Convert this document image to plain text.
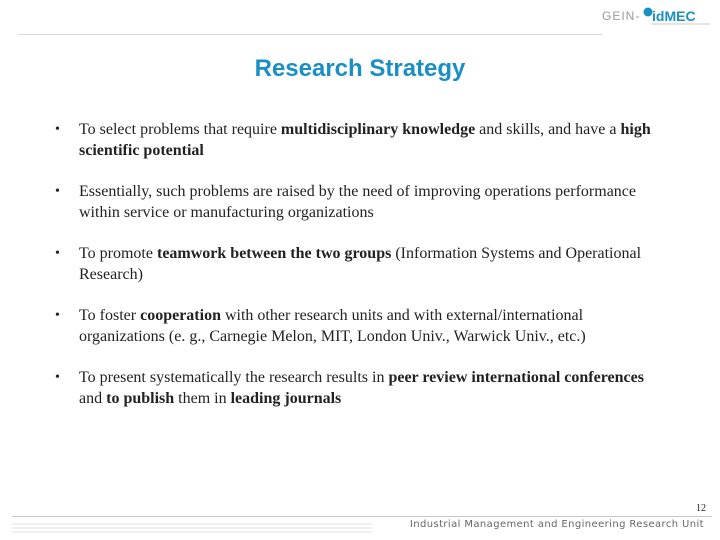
GEIN- idMEC
Research Strategy
•	To select problems that require multidisciplinary knowledge and skills, and have a high scientific potential
•	Essentially, such problems are raised by the need of improving operations performance within service or manufacturing organizations
•	To promote teamwork between the two groups (Information Systems and Operational Research)
•	To foster cooperation with other research units and with external/international organizations (e. g., Carnegie Melon, MIT, London Univ., Warwick Univ., etc.)
•	To present systematically the research results in peer review international conferences and to publish them in leading journals
12
Industrial Management and Engineering Research Unit
